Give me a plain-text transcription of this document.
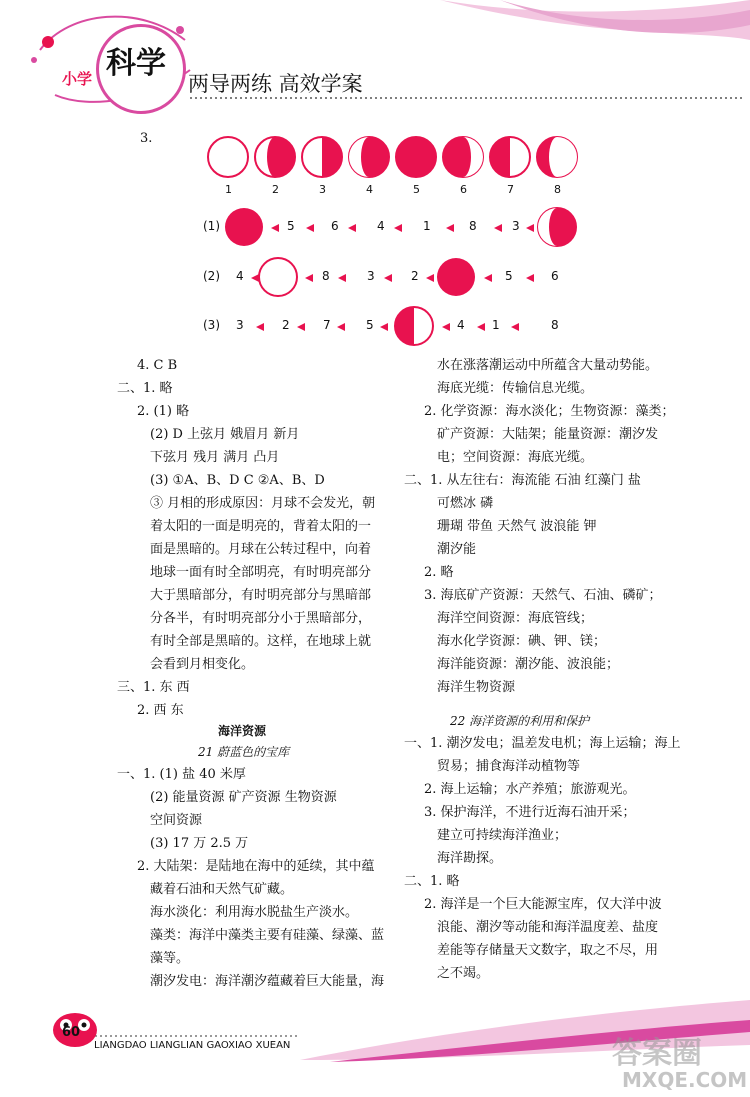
小学 科学
两导两练 高效学案
3.
1	2	3	4	5	6	7	8
(1)	5	6	4	1	8	3
(2) 4	8	3	2	5	6
(3) 3	2	7	5	4 1	8
4. C B
二、1. 略
2. (1) 略
(2) D 上弦月 娥眉月 新月
下弦月 残月 满月 凸月
(3) ①A、B、D C ②A、B、D
③ 月相的形成原因：月球不会发光，朝
着太阳的一面是明亮的，背着太阳的一
面是黑暗的。月球在公转过程中，向着
地球一面有时全部明亮，有时明亮部分
大于黑暗部分，有时明亮部分与黑暗部
分各半，有时明亮部分小于黑暗部分，
有时全部是黑暗的。这样，在地球上就
会看到月相变化。
三、1. 东 西
2. 西 东
海洋资源
21 蔚蓝色的宝库
一、1. (1) 盐 40 米厚
(2) 能量资源 矿产资源 生物资源
空间资源
(3) 17 万 2.5 万
2. 大陆架：是陆地在海中的延续，其中蕴
藏着石油和天然气矿藏。
海水淡化：利用海水脱盐生产淡水。
藻类：海洋中藻类主要有硅藻、绿藻、蓝
藻等。
潮汐发电：海洋潮汐蕴藏着巨大能量，海
水在涨落潮运动中所蕴含大量动势能。
海底光缆：传输信息光缆。
2. 化学资源：海水淡化；生物资源：藻类；
矿产资源：大陆架；能量资源：潮汐发
电；空间资源：海底光缆。
二、1. 从左往右：海流能 石油 红藻门 盐
可燃冰 磷
珊瑚 带鱼 天然气 波浪能 钾
潮汐能
2. 略
3. 海底矿产资源：天然气、石油、磷矿；
海洋空间资源：海底管线；
海水化学资源：碘、钾、镁；
海洋能资源：潮汐能、波浪能；
海洋生物资源
22 海洋资源的利用和保护
一、1. 潮汐发电；温差发电机；海上运输；海上
贸易；捕食海洋动植物等
2. 海上运输；水产养殖；旅游观光。
3. 保护海洋，不进行近海石油开采；
建立可持续海洋渔业；
海洋勘探。
二、1. 略
2. 海洋是一个巨大能源宝库，仅大洋中波
浪能、潮汐等动能和海洋温度差、盐度
差能等存储量天文数字，取之不尽，用
之不竭。
60
LIANGDAO LIANGLIAN GAOXIAO XUEAN	答案圈
MXQE.COM
